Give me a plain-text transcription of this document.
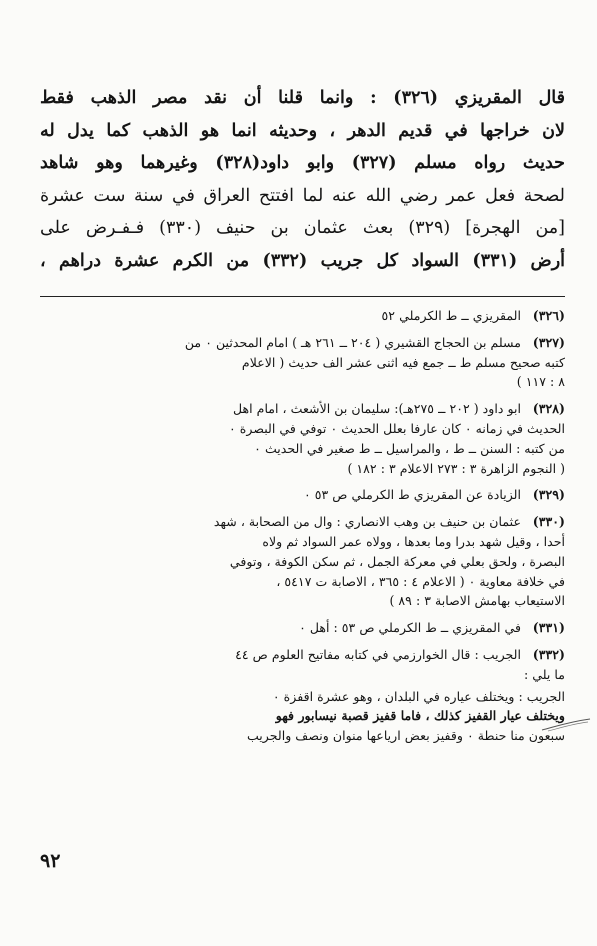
قال المقريزي (٣٢٦) : وانما قلنا أن نقد مصر الذهب فقط
لان خراجها في قديم الدهر ، وحديثه انما هو الذهب كما يدل له
حديث رواه مسلم (٣٢٧) وابو داود(٣٢٨) وغيرهما وهو شاهد
لصحة فعل عمر رضي الله عنه لما افتتح العراق في سنة ست عشرة
[من الهجرة] (٣٢٩) بعث عثمان بن حنيف (٣٣٠) فـفـرض على
أرض (٣٣١) السواد كل جريب (٣٣٢) من الكرم عشرة دراهم ،
(٣٢٦)
المقريزي ــ ط الكرملي ٥٢
(٣٢٧)
مسلم بن الحجاج القشيري ( ٢٠٤ ــ ٢٦١ هـ ) امام المحدثين ٠ من
كتبه صحيح مسلم ط ــ جمع فيه اثنى عشر الف حديث ( الاعلام
٨ : ١١٧ )
(٣٢٨)
ابو داود ( ٢٠٢ ــ ٢٧٥هـ): سليمان بن الأشعث ، امام اهل
الحديث في زمانه ٠ كان عارفا بعلل الحديث ٠ توفي في البصرة ٠
من كتبه : السنن ــ ط ، والمراسيل ــ ط صغير في الحديث ٠
( النجوم الزاهرة ٣ : ٢٧٣ الاعلام ٣ : ١٨٢ )
(٣٢٩)
الزيادة عن المقريزي ط الكرملي ص ٥٣ ٠
(٣٣٠)
عثمان بن حنيف بن وهب الانصاري : وال من الصحابة ، شهد
أحدا ، وقيل شهد بدرا وما بعدها ، وولاه عمر السواد ثم ولاه
البصرة ، ولحق بعلي في معركة الجمل ، ثم سكن الكوفة ، وتوفي
في خلافة معاوية ٠ ( الاعلام ٤ : ٣٦٥ ، الاصابة ت ٥٤١٧ ،
الاستيعاب بهامش الاصابة ٣ : ٨٩ )
(٣٣١)
في المقريزي ــ ط الكرملي ص ٥٣ : أهل ٠
(٣٣٢)
الجريب : قال الخوارزمي في كتابه مفاتيح العلوم ص ٤٤
ما يلي :
الجريب : ويختلف عياره في البلدان ، وهو عشرة اقفزة ٠
ويختلف عيار القفيز كذلك ، فاما قفيز قصبة نيسابور فهو
سبعون منا حنطة ٠ وقفيز بعض ارياعها منوان ونصف والجريب
٩٢
